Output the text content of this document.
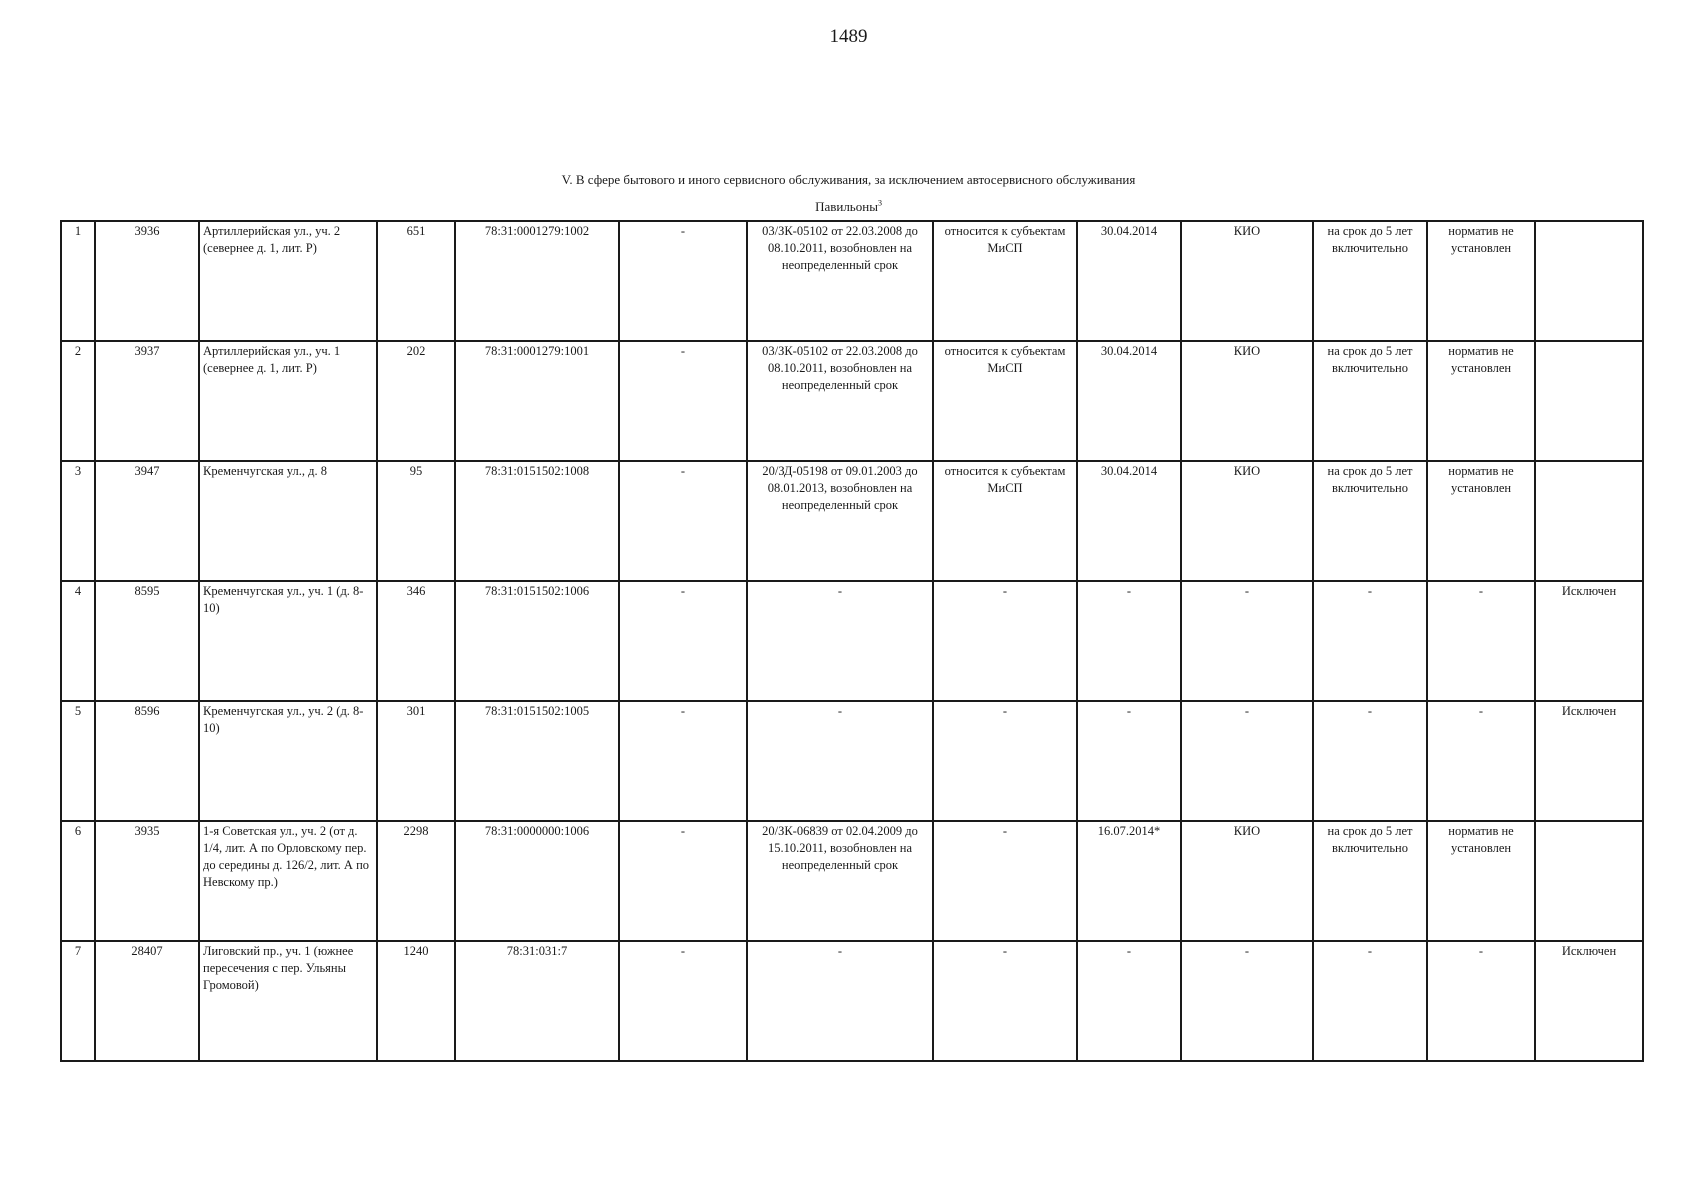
1489
V. В сфере бытового и иного сервисного обслуживания, за исключением автосервисного обслуживания
Павильоны$^3$
1	3936	Артиллерийская ул., уч. 2 (севернее д. 1, лит. Р)	651	78:31:0001279:1002	-	03/ЗК-05102 от 22.03.2008 до 08.10.2011, возобновлен на неопределенный срок	относится к субъектам МиСП	30.04.2014	КИО	на срок до 5 лет включительно	норматив не установлен	
2	3937	Артиллерийская ул., уч. 1 (севернее д. 1, лит. Р)	202	78:31:0001279:1001	-	03/ЗК-05102 от 22.03.2008 до 08.10.2011, возобновлен на неопределенный срок	относится к субъектам МиСП	30.04.2014	КИО	на срок до 5 лет включительно	норматив не установлен	
3	3947	Кременчугская ул., д. 8	95	78:31:0151502:1008	-	20/ЗД-05198 от 09.01.2003 до 08.01.2013, возобновлен на неопределенный срок	относится к субъектам МиСП	30.04.2014	КИО	на срок до 5 лет включительно	норматив не установлен	
4	8595	Кременчугская ул., уч. 1 (д. 8-10)	346	78:31:0151502:1006	-	-	-	-	-	-	-	Исключен
5	8596	Кременчугская ул., уч. 2 (д. 8-10)	301	78:31:0151502:1005	-	-	-	-	-	-	-	Исключен
6	3935	1-я Советская ул., уч. 2 (от д. 1/4, лит. А по Орловскому пер. до середины д. 126/2, лит. А по Невскому пр.)	2298	78:31:0000000:1006	-	20/ЗК-06839 от 02.04.2009 до 15.10.2011, возобновлен на неопределенный срок	-	16.07.2014*	КИО	на срок до 5 лет включительно	норматив не установлен	
7	28407	Лиговский пр., уч. 1 (южнее пересечения с пер. Ульяны Громовой)	1240	78:31:031:7	-	-	-	-	-	-	-	Исключен
